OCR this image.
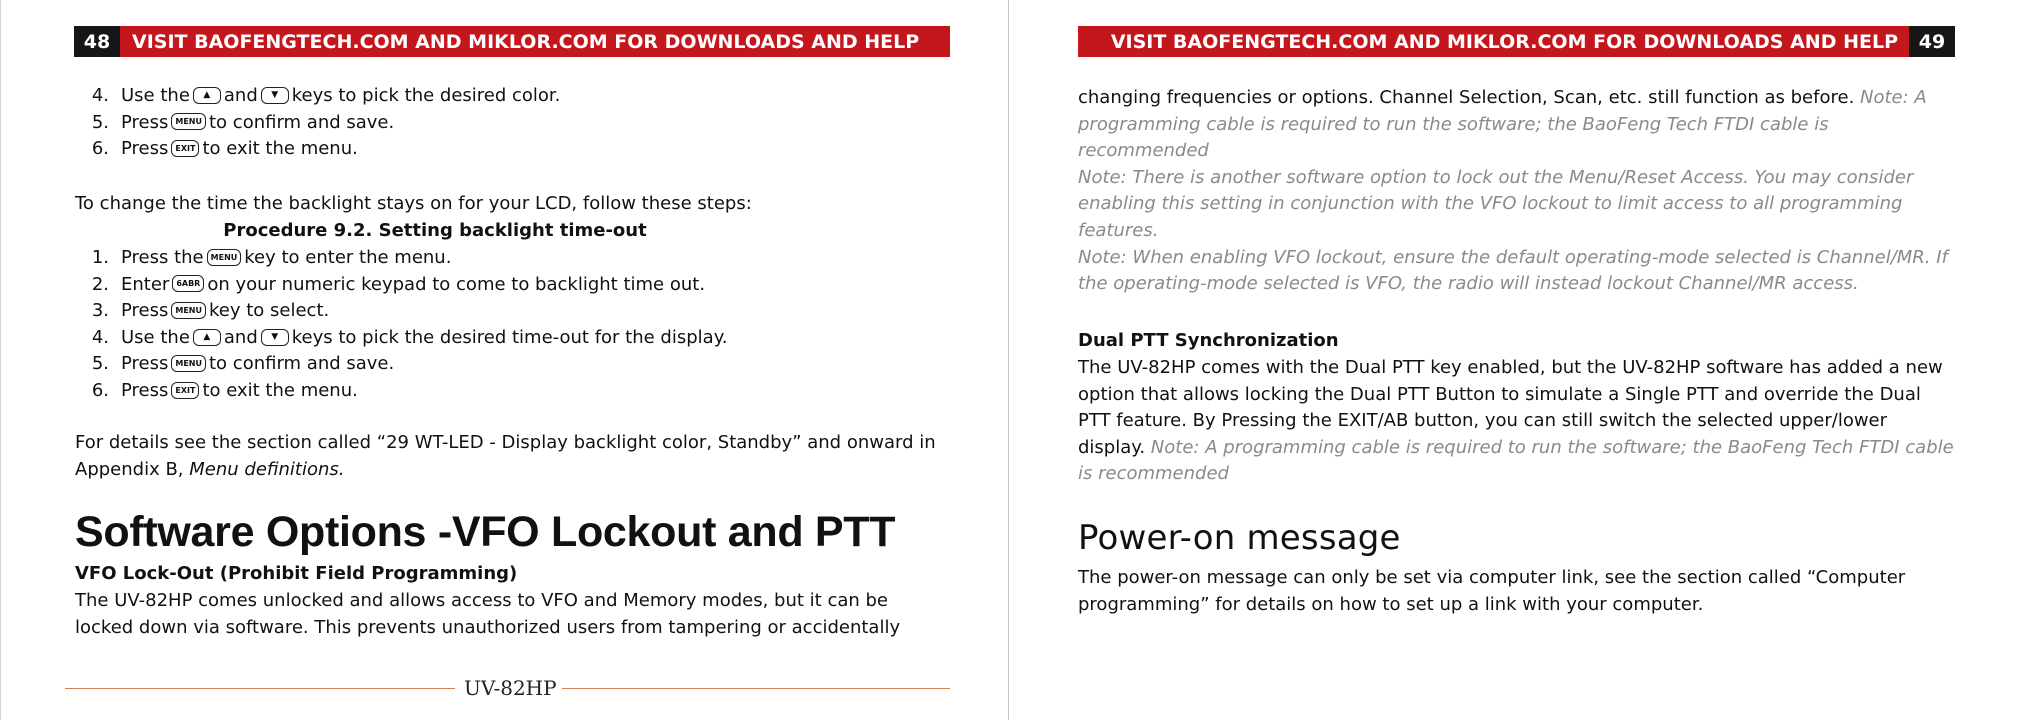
48	VISIT BAOFENGTECH.COM AND MIKLOR.COM FOR DOWNLOADS AND HELP
4. Use the	▲ and	▼ keys to pick the desired color.
5. Press MENU to confirm and save.
6. Press EXIT to exit the menu.

To change the time the backlight stays on for your LCD, follow these steps:

Procedure 9.2. Setting backlight time-out
1. Press the MENU key to enter the menu.
2. Enter 6ABR on your numeric keypad to come to backlight time out.
3. Press MENU key to select.
4. Use the	▲ and	▼ keys to pick the desired time-out for the display.
5. Press MENU to confirm and save.
6. Press EXIT to exit the menu.
For details see the section called “29 WT-LED - Display backlight color, Standby” and onward in
Appendix B, Menu definitions.
Software Options -VFO Lockout and PTT

VFO Lock-Out (Prohibit Field Programming)

The UV-82HP comes unlocked and allows access to VFO and Memory modes, but it can be
locked down via software. This prevents unauthorized users from tampering or accidentally
UV-82HP
VISIT BAOFENGTECH.COM AND MIKLOR.COM FOR DOWNLOADS AND HELP	49
changing frequencies or options. Channel Selection, Scan, etc. still function as before. Note: A
programming cable is required to run the software; the BaoFeng Tech FTDI cable is
recommended
Note: There is another software option to lock out the Menu/Reset Access. You may consider
enabling this setting in conjunction with the VFO lockout to limit access to all programming
features.
Note: When enabling VFO lockout, ensure the default operating-mode selected is Channel/MR. If
the operating-mode selected is VFO, the radio will instead lockout Channel/MR access.

Dual PTT Synchronization

The UV-82HP comes with the Dual PTT key enabled, but the UV-82HP software has added a new
option that allows locking the Dual PTT Button to simulate a Single PTT and override the Dual
PTT feature. By Pressing the EXIT/AB button, you can still switch the selected upper/lower
display. Note: A programming cable is required to run the software; the BaoFeng Tech FTDI cable
is recommended
Power-on message
The power-on message can only be set via computer link, see the section called “Computer
programming” for details on how to set up a link with your computer.
